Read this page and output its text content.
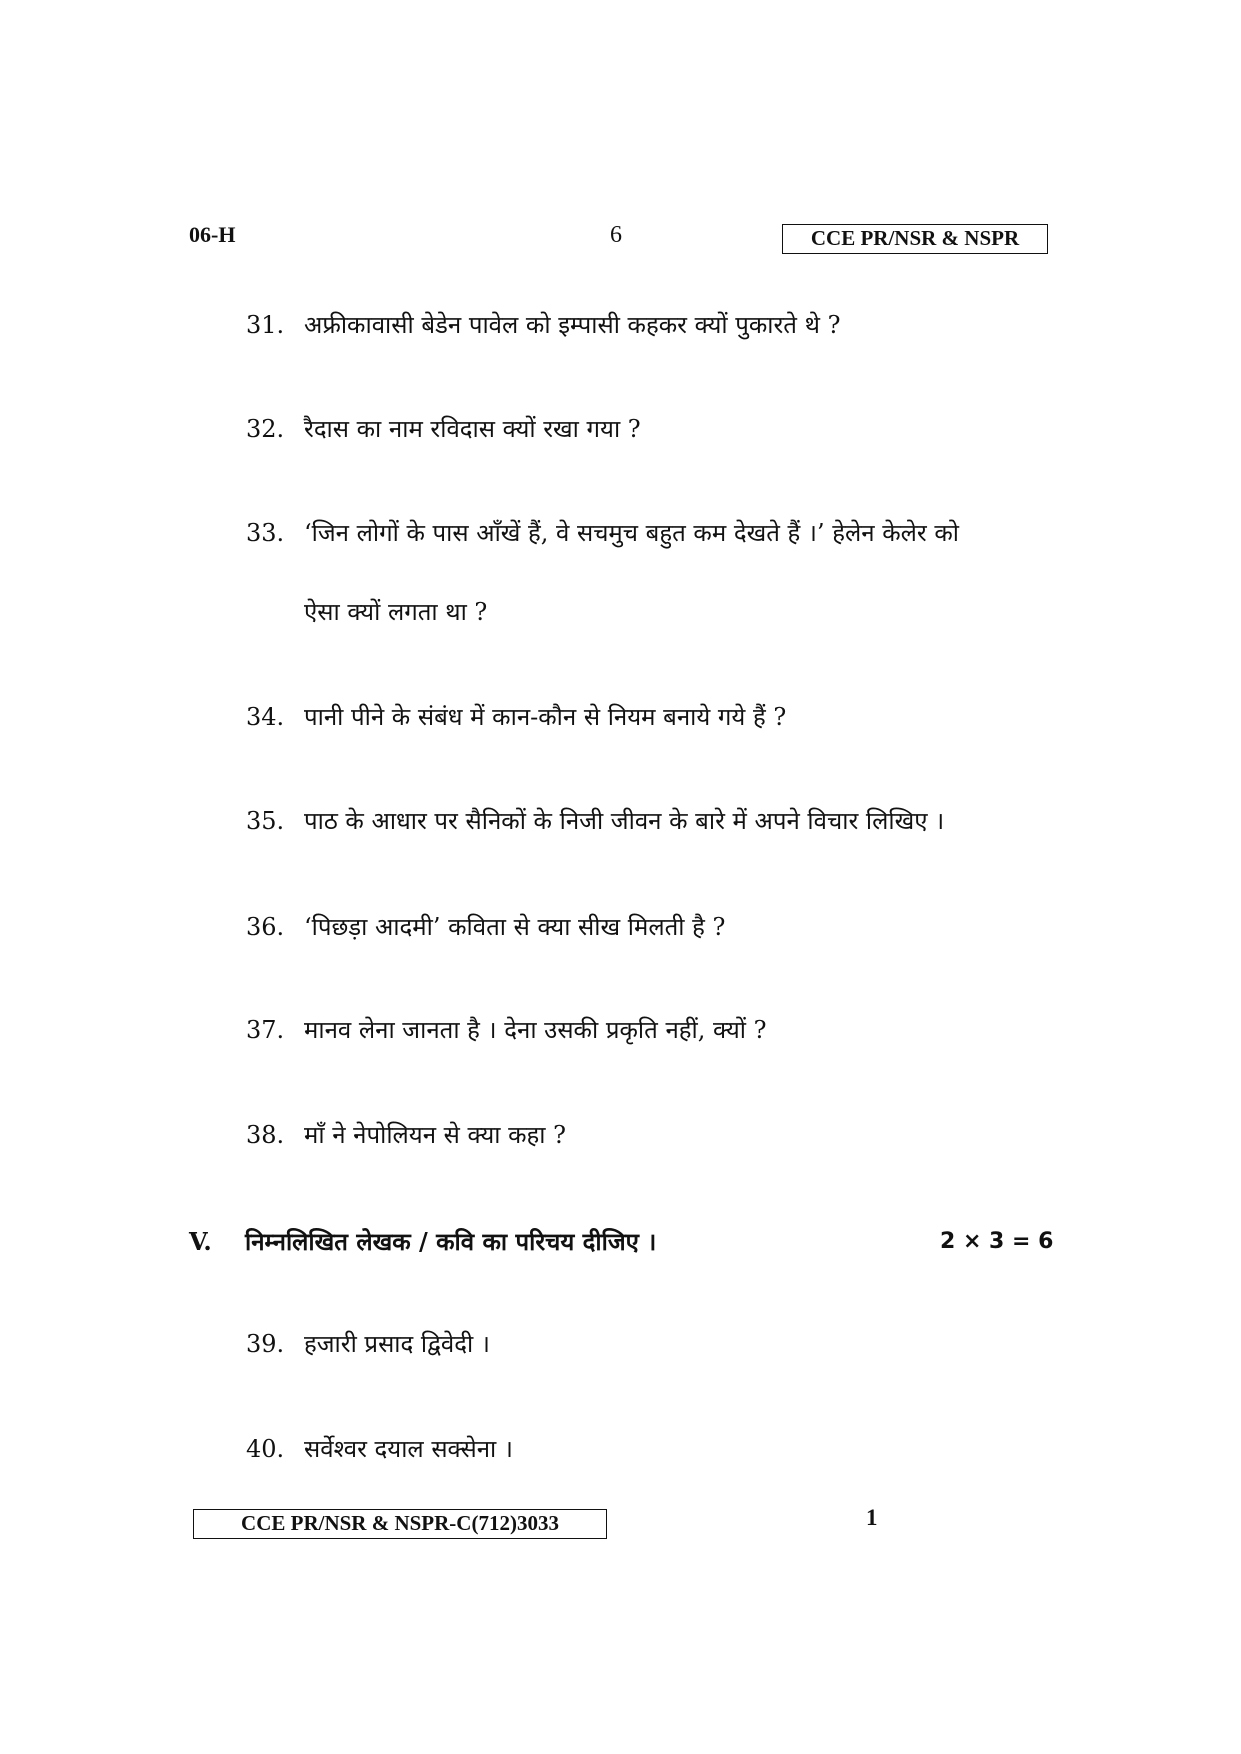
06-H	6	CCE PR/NSR & NSPR
31. अफ्रीकावासी बेडेन पावेल को इम्पासी कहकर क्यों पुकारते थे ?
32. रैदास का नाम रविदास क्यों रखा गया ?
33. ‘जिन लोगों के पास आँखें हैं, वे सचमुच बहुत कम देखते हैं ।’ हेलेन केलेर को
ऐसा क्यों लगता था ?
34. पानी पीने के संबंध में कान-कौन से नियम बनाये गये हैं ?
35. पाठ के आधार पर सैनिकों के निजी जीवन के बारे में अपने विचार लिखिए ।
36. ‘पिछड़ा आदमी’ कविता से क्या सीख मिलती है ?
37. मानव लेना जानता है । देना उसकी प्रकृति नहीं, क्यों ?
38. माँ ने नेपोलियन से क्या कहा ?
V. निम्नलिखित लेखक / कवि का परिचय दीजिए ।	2 × 3 = 6
39. हजारी प्रसाद द्विवेदी ।
40. सर्वेश्वर दयाल सक्सेना ।
CCE PR/NSR & NSPR-C(712)3033	1
